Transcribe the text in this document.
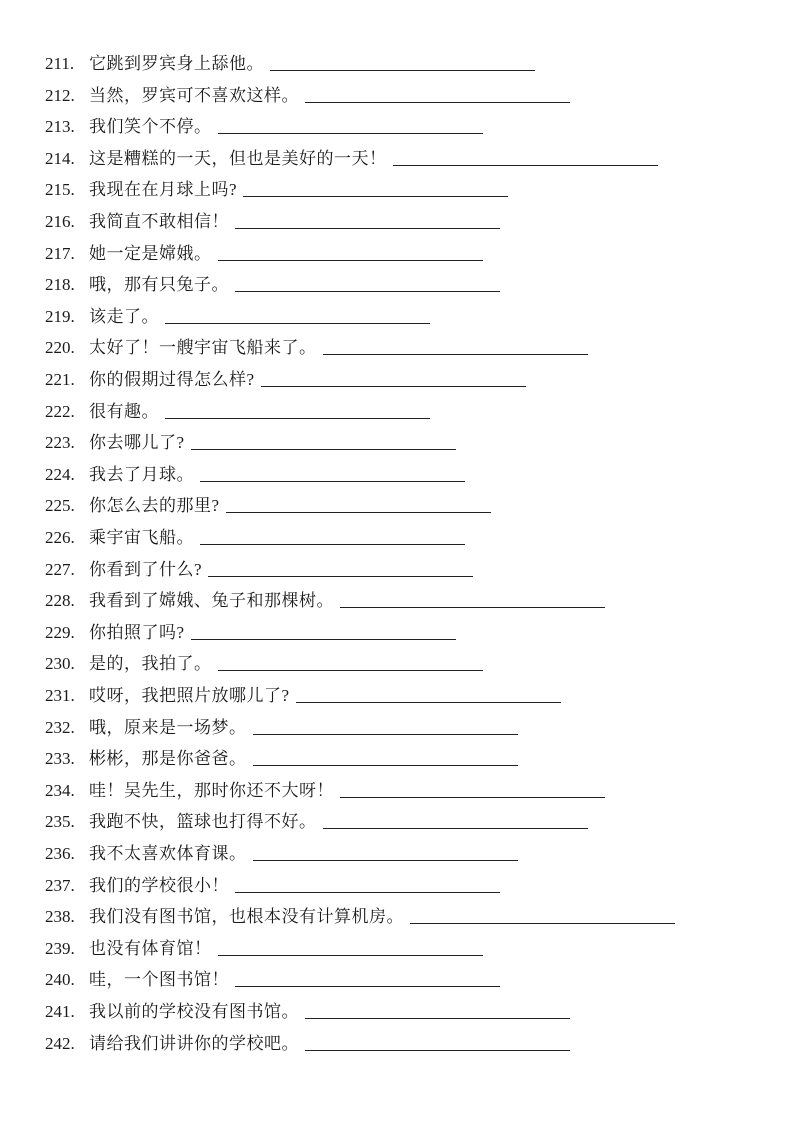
211. 它跳到罗宾身上舔他。
212. 当然，罗宾可不喜欢这样。
213. 我们笑个不停。
214. 这是糟糕的一天，但也是美好的一天！
215. 我现在在月球上吗?
216. 我简直不敢相信！
217. 她一定是嫦娥。
218. 哦，那有只兔子。
219. 该走了。
220. 太好了！一艘宇宙飞船来了。
221. 你的假期过得怎么样?
222. 很有趣。
223. 你去哪儿了?
224. 我去了月球。
225. 你怎么去的那里?
226. 乘宇宙飞船。
227. 你看到了什么?
228. 我看到了嫦娥、兔子和那棵树。
229. 你拍照了吗?
230. 是的，我拍了。
231. 哎呀，我把照片放哪儿了?
232. 哦，原来是一场梦。
233. 彬彬，那是你爸爸。
234. 哇！吴先生，那时你还不大呀！
235. 我跑不快，篮球也打得不好。
236. 我不太喜欢体育课。
237. 我们的学校很小！
238. 我们没有图书馆，也根本没有计算机房。
239. 也没有体育馆！
240. 哇，一个图书馆！
241. 我以前的学校没有图书馆。
242. 请给我们讲讲你的学校吧。
